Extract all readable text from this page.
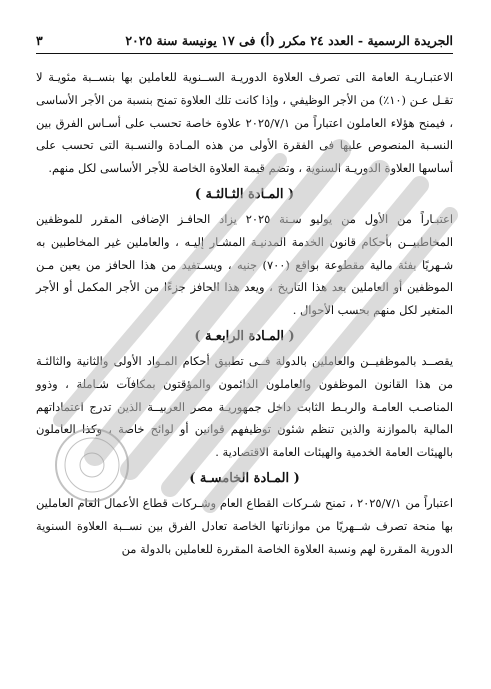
الجريدة الرسمية - العدد ٢٤ مكرر (أ) فى ١٧ يونيسة سنة ٢٠٢٥
٣

الاعتبـاريـة العامة التى تصرف العلاوة الدوريـة الســنوية للعاملين بها بنســبة مئويـة لا تقـل عـن (١٠٪) من الأجر الوظيفي ، وإذا كانت تلك العلاوة تمنح بنسبة من الأجر الأساسى ، فيمنح هؤلاء العاملون اعتباراً من ٢٠٢٥/٧/١ علاوة خاصة تحسب على أسـاس الفرق بين النسـبة المنصوص عليها فى الفقرة الأولى من هذه المـادة والنسـبة التى تحسب على أساسها العلاوة الدوريـة السنوية ، وتضم قيمة العلاوة الخاصة للأجر الأساسى لكل منهم.

( المـادة الثـالثـة )

اعتبـاراً من الأول من يوليو سـنة ٢٠٢٥ يزاد الحافـز الإضافى المقرر للموظفين المخاطبيــن بأحكام قانون الخدمة المدنيـة المشـار إليـه ، والعاملين غير المخاطبين به شـهريًا بفئة مالية مقطوعة بواقع (٧٠٠) جنيه ، ويسـتفيد من هذا الحافز من يعين مـن الموظفين أو العاملين بعد هذا التاريخ ، ويعد هذا الحافز جزءًا من الأجر المكمل أو الأجر المتغير لكل منهم بحسب الأحوال .

( المـادة الرابعـة )

يقصــد بالموظفيــن والعاملين بالدولة فــى تطبيق أحكام المـواد الأولى والثانية والثالثـة من هذا القانون الموظفون والعاملون الدائمون والمؤقتون بمكافآت شـاملة ، وذوو المناصـب العامـة والربـط الثابت داخل جمهوريـة مصر العربيــة الذين تدرج اعتماداتهم المالية بالموازنة والذين تنظم شئون توظيفهم قوانين أو لوائح خاصة ، وكذا العاملون بالهيئات العامة الخدمية والهيئات العامة الاقتصادية .

( المـادة الخامسـة )

اعتباراً من ٢٠٢٥/٧/١ ، تمنح شـركات القطاع العام وشـركات قطاع الأعمال العام العاملين بها منحة تصرف شــهريًا من موازناتها الخاصة تعادل الفرق بين نســبة العلاوة السنوية الدورية المقررة لهم ونسبة العلاوة الخاصة المقررة للعاملين بالدولة من
